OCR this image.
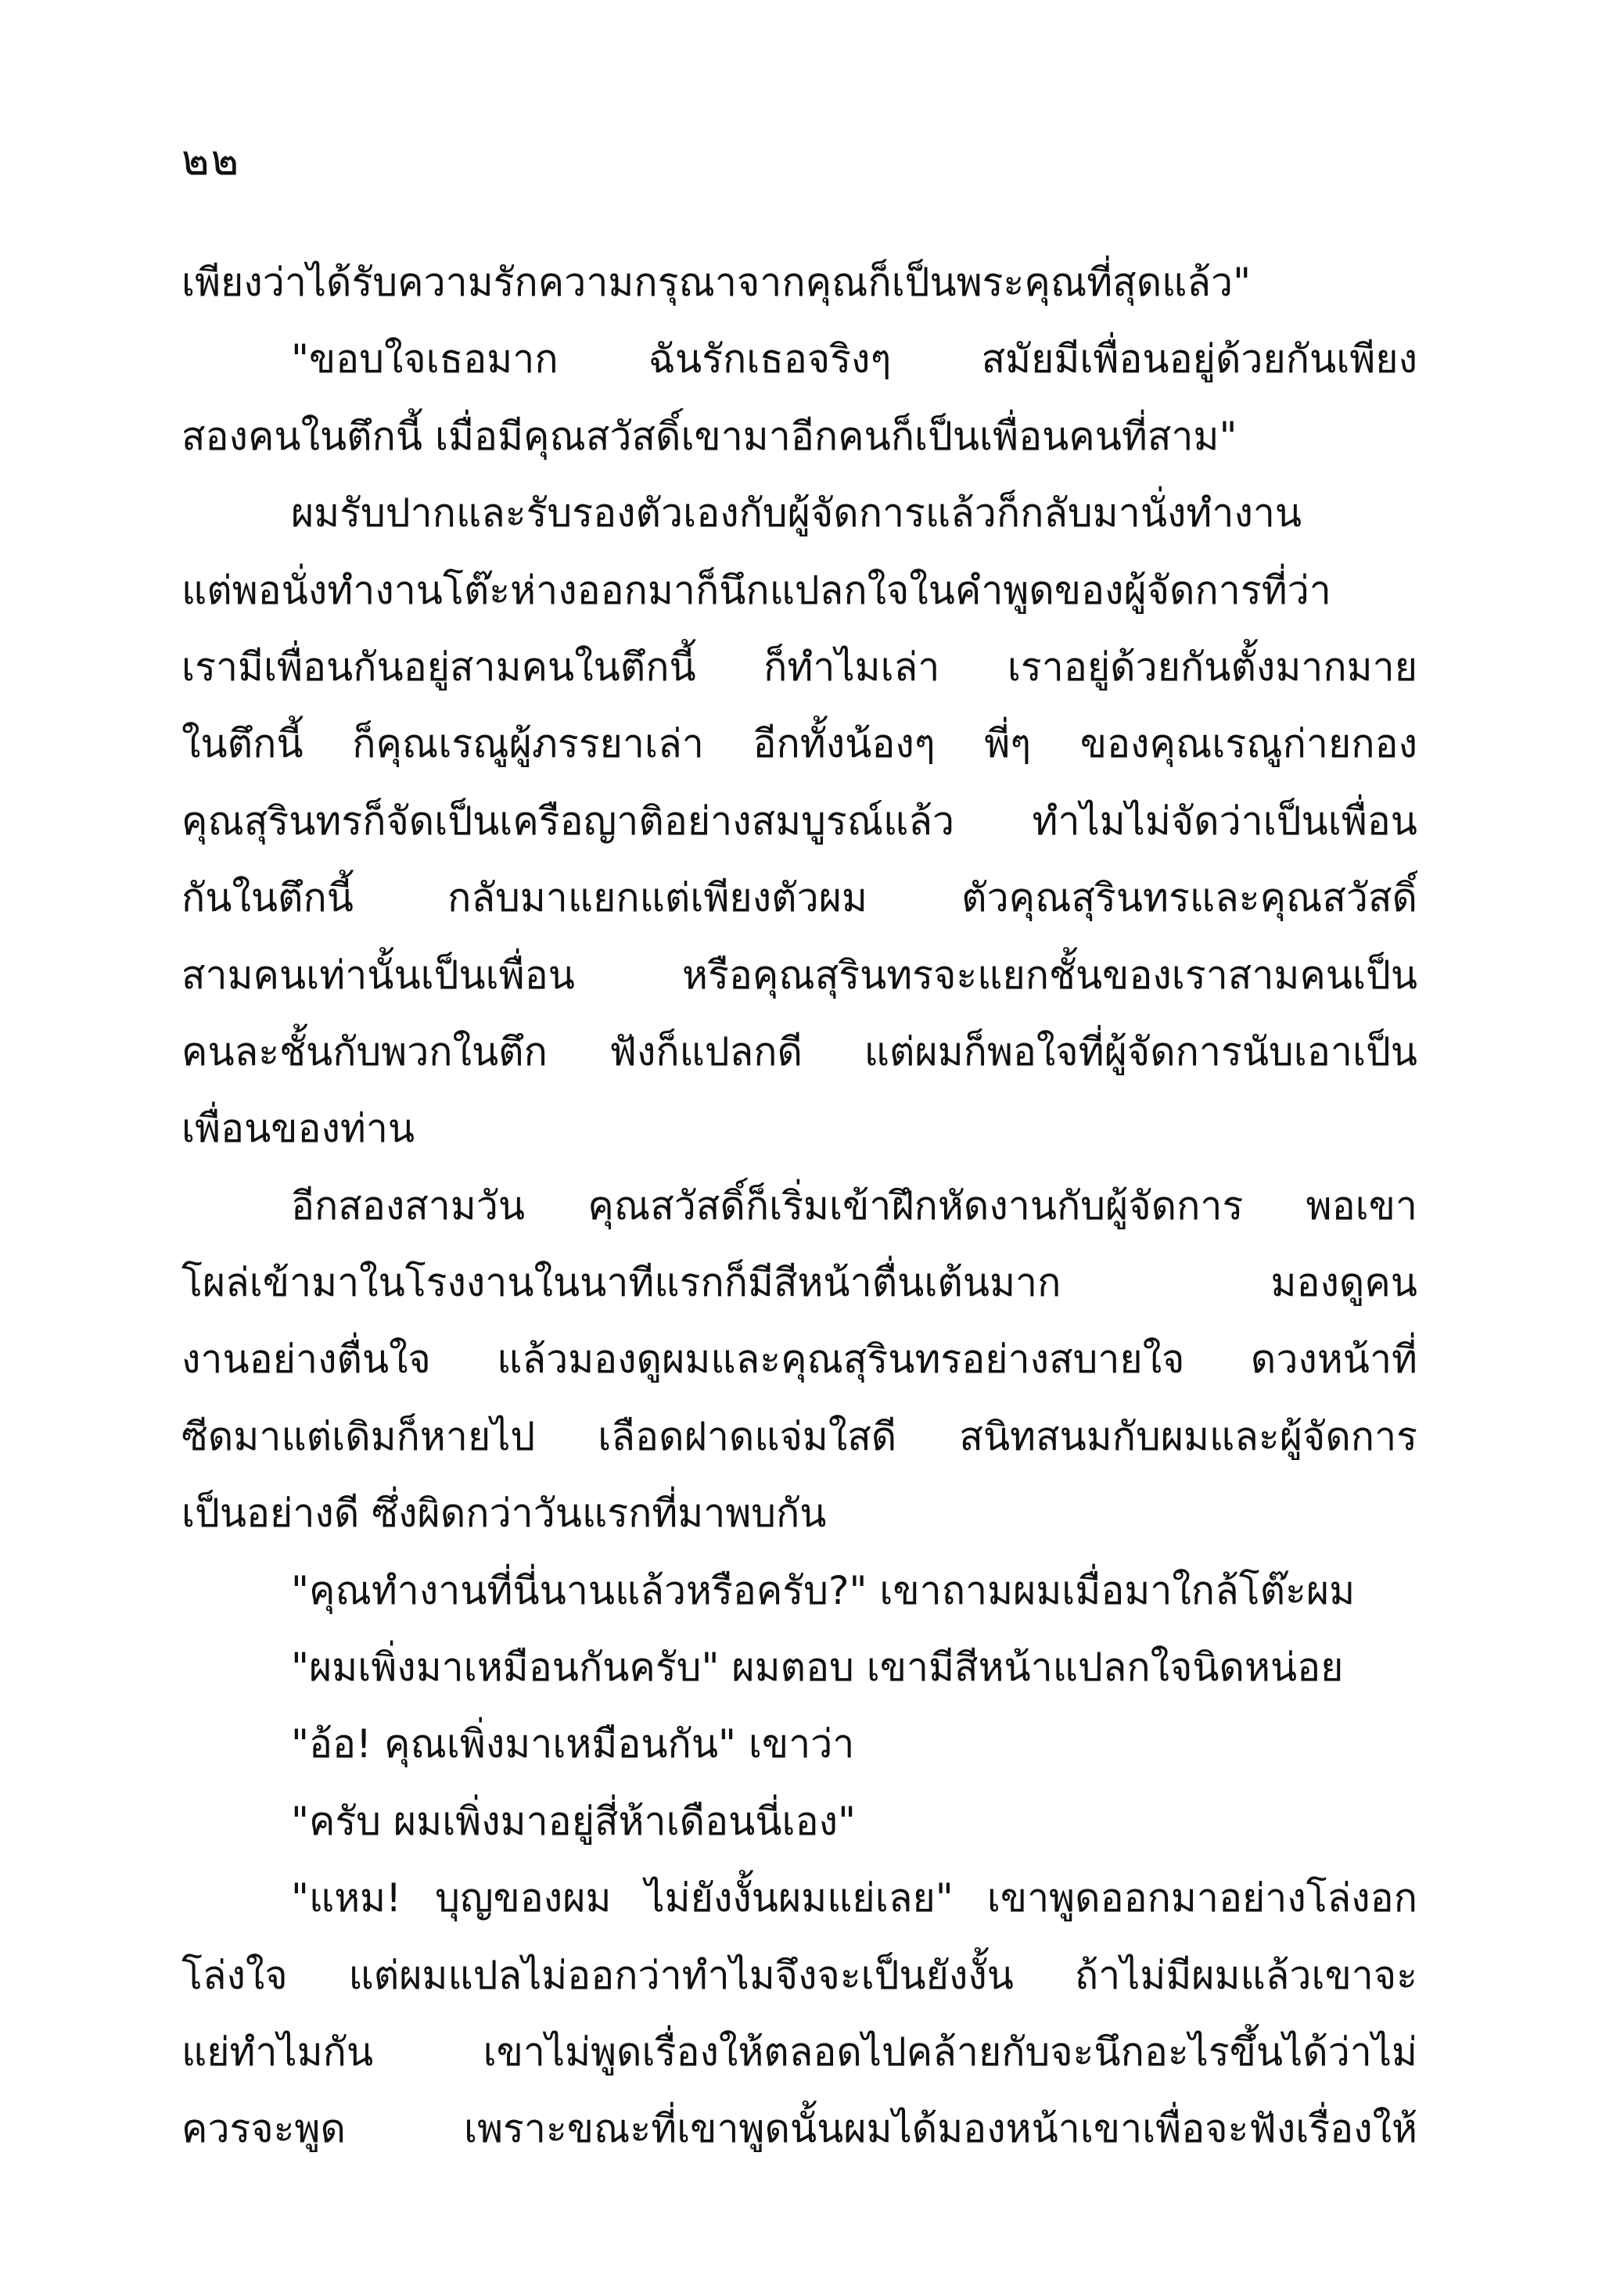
๒๒
เพียงว่าได้รับความรักความกรุณาจากคุณก็เป็นพระคุณที่สุดแล้ว"
"ขอบใจเธอมาก ฉันรักเธอจริงๆ สมัยมีเพื่อนอยู่ด้วยกันเพียง
สองคนในตึกนี้ เมื่อมีคุณสวัสดิ์เขามาอีกคนก็เป็นเพื่อนคนที่สาม"
ผมรับปากและรับรองตัวเองกับผู้จัดการแล้วก็กลับมานั่งทำงาน
แต่พอนั่งทำงานโต๊ะห่างออกมาก็นึกแปลกใจในคำพูดของผู้จัดการที่ว่า
เรามีเพื่อนกันอยู่สามคนในตึกนี้ ก็ทำไมเล่า เราอยู่ด้วยกันตั้งมากมาย
ในตึกนี้ ก็คุณเรณูผู้ภรรยาเล่า อีกทั้งน้องๆ พี่ๆ ของคุณเรณูก่ายกอง
คุณสุรินทรก็จัดเป็นเครือญาติอย่างสมบูรณ์แล้ว ทำไมไม่จัดว่าเป็นเพื่อน
กันในตึกนี้ กลับมาแยกแต่เพียงตัวผม ตัวคุณสุรินทรและคุณสวัสดิ์
สามคนเท่านั้นเป็นเพื่อน หรือคุณสุรินทรจะแยกชั้นของเราสามคนเป็น
คนละชั้นกับพวกในตึก ฟังก็แปลกดี แต่ผมก็พอใจที่ผู้จัดการนับเอาเป็น
เพื่อนของท่าน
อีกสองสามวัน คุณสวัสดิ์ก็เริ่มเข้าฝึกหัดงานกับผู้จัดการ พอเขา
โผล่เข้ามาในโรงงานในนาทีแรกก็มีสีหน้าตื่นเต้นมาก มองดูคน
งานอย่างตื่นใจ แล้วมองดูผมและคุณสุรินทรอย่างสบายใจ ดวงหน้าที่
ซีดมาแต่เดิมก็หายไป เลือดฝาดแจ่มใสดี สนิทสนมกับผมและผู้จัดการ
เป็นอย่างดี ซึ่งผิดกว่าวันแรกที่มาพบกัน
"คุณทำงานที่นี่นานแล้วหรือครับ?" เขาถามผมเมื่อมาใกล้โต๊ะผม
"ผมเพิ่งมาเหมือนกันครับ" ผมตอบ เขามีสีหน้าแปลกใจนิดหน่อย
"อ้อ! คุณเพิ่งมาเหมือนกัน" เขาว่า
"ครับ ผมเพิ่งมาอยู่สี่ห้าเดือนนี่เอง"
"แหม! บุญของผม ไม่ยังงั้นผมแย่เลย" เขาพูดออกมาอย่างโล่งอก
โล่งใจ แต่ผมแปลไม่ออกว่าทำไมจึงจะเป็นยังงั้น ถ้าไม่มีผมแล้วเขาจะ
แย่ทำไมกัน เขาไม่พูดเรื่องให้ตลอดไปคล้ายกับจะนึกอะไรขึ้นได้ว่าไม่
ควรจะพูด เพราะขณะที่เขาพูดนั้นผมได้มองหน้าเขาเพื่อจะฟังเรื่องให้
